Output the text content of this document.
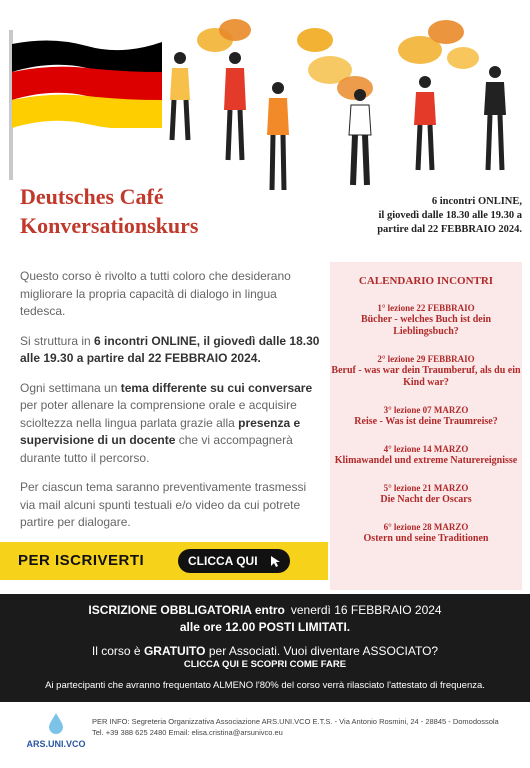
Deutsches Café
Konversationskurs
6 incontri ONLINE,
il giovedì dalle 18.30 alle 19.30 a
partire dal 22 FEBBRAIO 2024.

Questo corso è rivolto a tutti coloro che desiderano migliorare la propria capacità di dialogo in lingua tedesca.

Si struttura in 6 incontri ONLINE, il giovedì dalle 18.30 alle 19.30 a partire dal 22 FEBBRAIO 2024.

Ogni settimana un tema differente su cui conversare per poter allenare la comprensione orale e acquisire scioltezza nella lingua parlata grazie alla presenza e supervisione di un docente che vi accompagnerà durante tutto il percorso.

Per ciascun tema saranno preventivamente trasmessi via mail alcuni spunti testuali e/o video da cui potrete partire per dialogare.

CALENDARIO INCONTRI
1° lezione 22 FEBBRAIO
Bücher - welches Buch ist dein Lieblingsbuch?
2° lezione 29 FEBBRAIO
Beruf - was war dein Traumberuf, als du ein Kind war?
3° lezione 07 MARZO
Reise - Was ist deine Traumreise?
4° lezione 14 MARZO
Klimawandel und extreme Naturereignisse
5° lezione 21 MARZO
Die Nacht der Oscars
6° lezione 28 MARZO
Ostern und seine Traditionen
PER ISCRIVERTI	CLICCA QUI
ISCRIZIONE OBBLIGATORIA entro venerdì 16 FEBBRAIO 2024
alle ore 12.00 POSTI LIMITATI.
Il corso è GRATUITO per Associati. Vuoi diventare ASSOCIATO?
CLICCA QUI E SCOPRI COME FARE
Ai partecipanti che avranno frequentato ALMENO l'80% del corso verrà rilasciato l'attestato di frequenza.
ARS.UNI.VCO
PER INFO: Segreteria Organizzativa Associazione ARS.UNI.VCO E.T.S. - Via Antonio Rosmini, 24 - 28845 - Domodossola
Tel. +39 388 625 2480 Email: elisa.cristina@arsunivco.eu
